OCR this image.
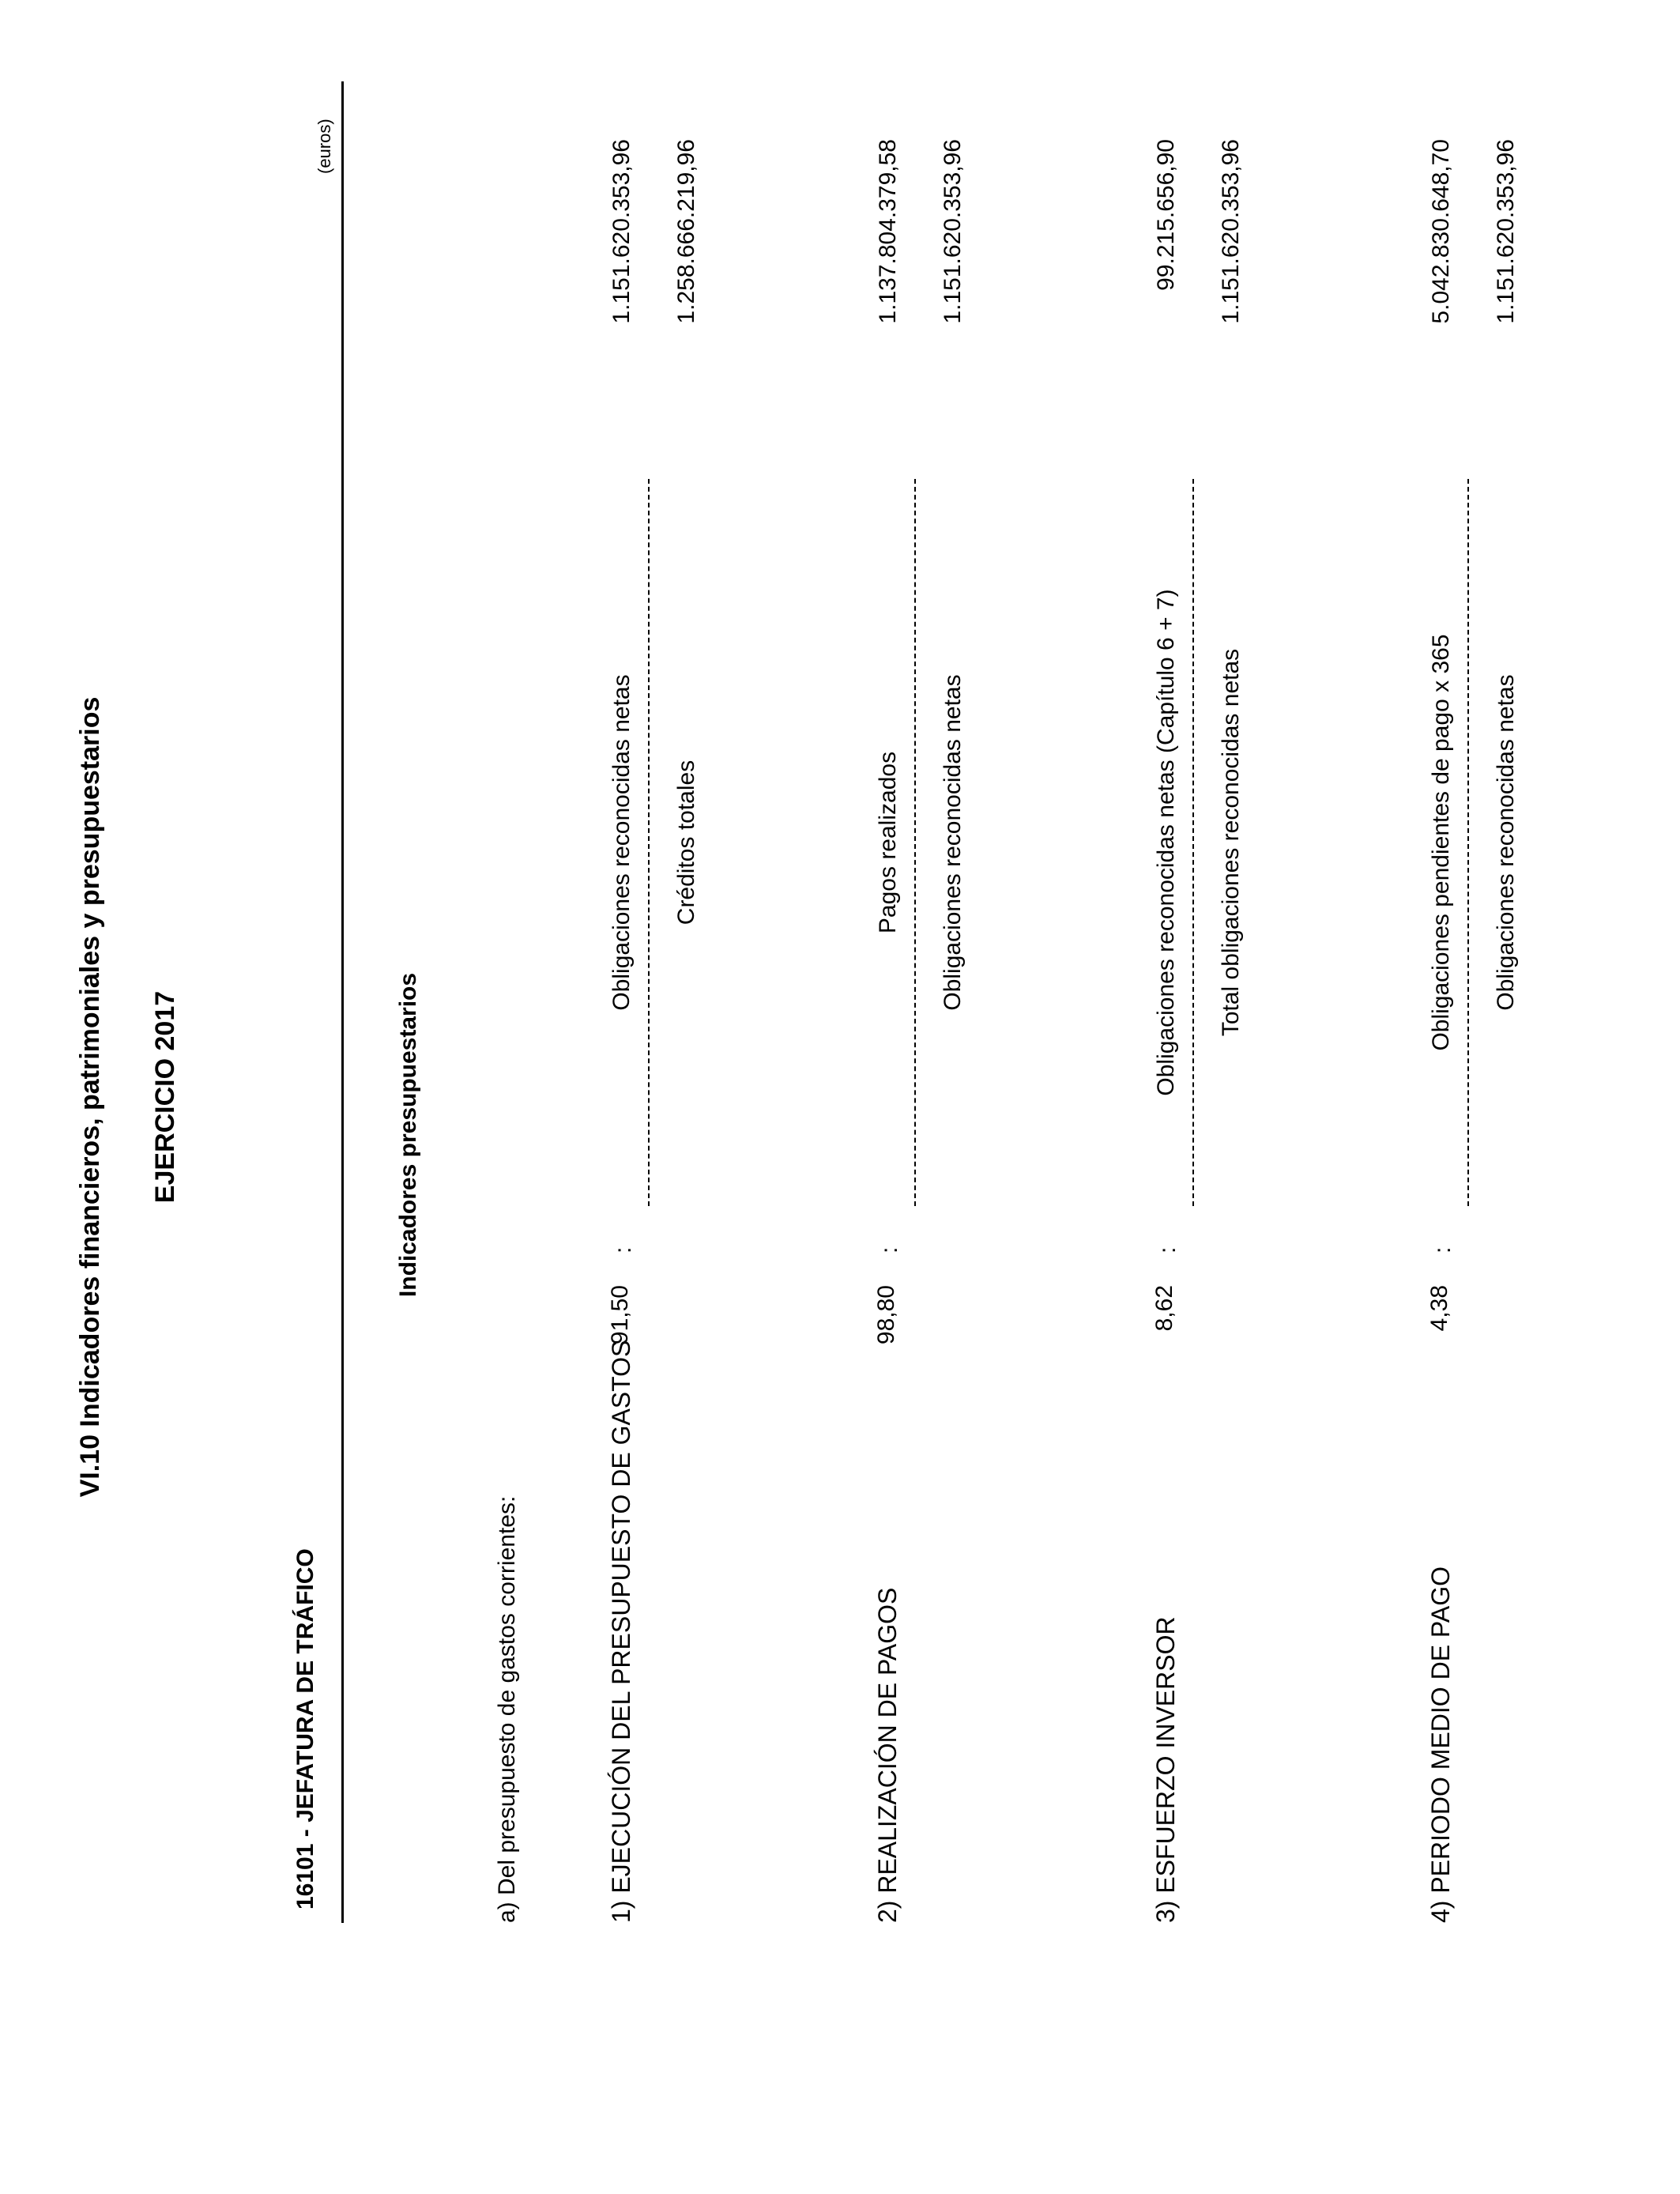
VI.10 Indicadores financieros, patrimoniales y presupuestarios EJERCICIO 2017
16101 - JEFATURA DE TRÁFICO
(euros)
Indicadores presupuestarios
a) Del presupuesto de gastos corrientes:	1) EJECUCIÓN DEL PRESUPUESTO DE GASTOS
91,50
:
Obligaciones reconocidas netas Créditos totales
1.151.620.353,96 1.258.666.219,96
2) REALIZACIÓN DE PAGOS
98,80
:
Pagos realizados Obligaciones reconocidas netas
1.137.804.379,58 1.151.620.353,96
3) ESFUERZO INVERSOR
8,62
:
Obligaciones reconocidas netas (Capítulo 6 + 7) Total obligaciones reconocidas netas
99.215.656,90 1.151.620.353,96
4) PERIODO MEDIO DE PAGO
4,38
:
Obligaciones pendientes de pago x 365 Obligaciones reconocidas netas
5.042.830.648,70 1.151.620.353,96
